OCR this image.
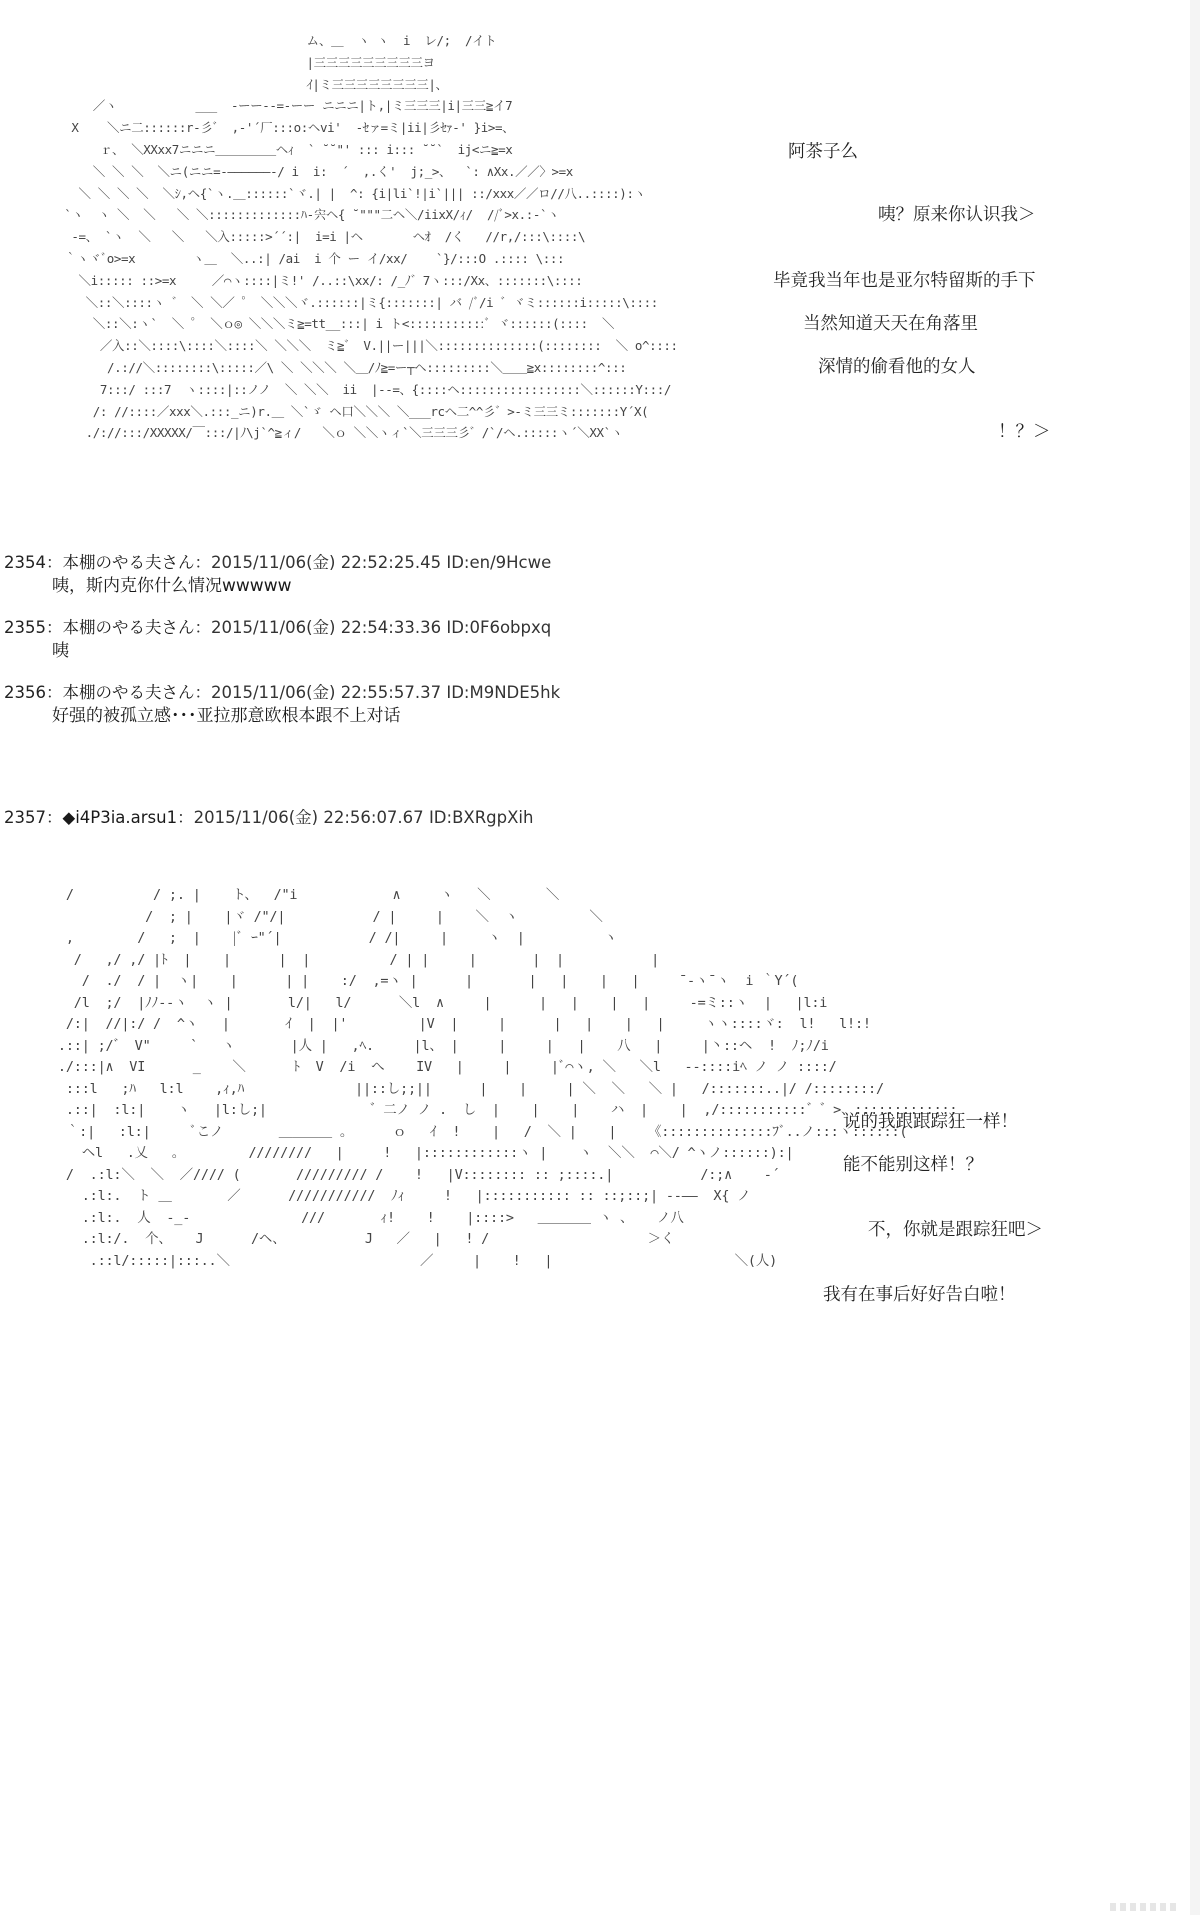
ム、＿  ヽ ヽ  i  レ/;  /イト
|三三三三三三三三三ヨ
ｲ|ミ三三三三三三三三|、
／ヽ           ___  ‐ーー‐‐=‐ーー ニニニ|ト,|ミ三三三|i|三三≧イ7
X    ＼ニ二::::::r‐彡゛ ,‐'´厂:::o:ヘvi'  ‐ｾァ=ミ|ii|彡ｾｧ‐' }i>=、
ｒ、 ＼XXxx7ニニニ＿＿＿＿＿ヘｨ  ` ˘˘"' ::: i::: ˘˘`  ij<ニ≧=x
＼ ＼ ＼  ＼ニ(ニニ=‐――――――‐/ i  i:  ´  ,.く'  j;_>、  `: ∧Xx.／／〉>=x
＼ ＼ ＼ ＼  ＼ｼ,ヘ{`ヽ.＿::::::`ヾ.| |  ^: {i|li`!|i`||| ::/xxx／／ロ//八..::::):ヽ
`ヽ  ヽ ＼  ＼   ＼ ＼:::::::::::::ﾊ‐宍ヘ{ ˘"""二ヘ＼/iixX/ｨ/  //ﾞ>x.:‐`ヽ
‐=、 `ヽ  ＼   ＼   ＼入:::::>´´:|  i=i |ヘ       ヘｵ  /く   //r,/:::\::::\
｀ヽヾﾞo>=x        ヽ＿  ＼..:| /ai  i 个 ー イ/xx/    `}/:::O .:::: \:::
＼i::::: ::>=x     ／⌒ヽ::::|ミ!' /..::\xx/: /_ﾉ゛7ヽ:::/Xx、:::::::\::::
＼::＼::::ヽ ゛ ＼ ＼／ ゜ ＼＼＼ヾ.::::::|ミ{:::::::| バ /ﾞ/i ゛ヾミ::::::i:::::\::::
＼::＼:ヽ`  ＼ ゜ ＼ｏ◎ ＼＼＼ミ≧=tt__:::| i ト<:::::::::::ﾞ ヾ::::::(::::  ＼
／入::＼::::\::::＼::::＼ ＼＼＼  ミ≧゛ V.||ー|||＼::::::::::::::(::::::::  ＼ o^::::
/.://＼::::::::\:::::／\ ＼ ＼＼＼ ＼＿/ﾉ≧=ー┬ヘ:::::::::＼＿＿≧x::::::::^:::
7:::/ :::7  ヽ::::|::ノノ  ＼ ＼＼  ii  |‐‐=、{::::ヘ:::::::::::::::::＼::::::Y:::/
/: //::::／xxx＼.:::_ニ)r.＿ ＼`ゞ ヘ口＼＼＼ ＼___rcヘ二^^彡゛>‐ミ三三ミ:::::::Y´X(
./://:::/XXXXX/￣:::/|ﾉ\j`^≧ィ/   ＼ｏ ＼＼ヽィ`＼三三三彡゛/`/ヘ.:::::ヽ´＼XX`ヽ
阿茶子么
咦？原来你认识我＞
毕竟我当年也是亚尔特留斯的手下
当然知道天天在角落里
深情的偷看他的女人
！？＞
2354：本棚のやる夫さん：2015/11/06(金) 22:52:25.45 ID:en/9Hcwe
咦，斯内克你什么情况wwwww
2355：本棚のやる夫さん：2015/11/06(金) 22:54:33.36 ID:0F6obpxq
咦
2356：本棚のやる夫さん：2015/11/06(金) 22:55:57.37 ID:M9NDE5hk
好强的被孤立感･･･亚拉那意欧根本跟不上对话
2357：◆i4P3ia.arsu1：2015/11/06(金) 22:56:07.67 ID:BXRgpXih
/          / ;. |    ト、  /"i            ∧     ヽ   ＼       ＼
/  ; |    |ヾ /"/|           / |     |    ＼  ヽ         ＼
,        /   ;  |    |ﾞ ｰ"´|           / /|     |     ヽ  |          ヽ
/   ,/ ,/ |ﾄ  |    |      |  |          / | |     |       |  |           |
/  ./  / |  ヽ|    |      | |    :/  ,=ヽ |      |       |   |    |   |     ¯‐ヽ¯ヽ  i ｀Y´(
/l  ;/  |ﾉﾉ‐‐ヽ  ヽ |       l/|   l/      ＼l  ∧     |      |   |    |   |     ‐=ミ::ヽ  |   |l:i
/:|  //|:/ /  ^ヽ   |       ｲ  |  |'         |V  |     |      |   |    |   |     ヽヽ::::ヾ:  l!   l!:!
.::| ;/゛ V"     `   ヽ       |人 |   ,ﾍ.     |l、 |     |     |   |    八   |     |丶::ヘ  !  ﾉ;ﾉ/i
./:::|∧  VI      _    ＼      ﾄ  V  /i  へ    IV   |     |     |ﾞ⌒ヽ, ＼   ＼l   -‐::::iﾍ ノ ノ ::::/
:::l   ;ﾊ   l:l    ,ｨ,ﾊ              ||::し;;||      |    |     | ＼  ＼   ＼ |   /:::::::..|/ /::::::::/
.::|  :l:|    ヽ   |l:し;|             ゛二ノ ノ .  し  |    |    |    ハ  |    |  ,/:::::::::::゛゛>、:::::::::::::
｀:|   :l:|     ﾞこノ       ＿＿＿＿ 。     ｏ   ｲ  !    |   /  ＼ |    |    《::::::::::::::ﾌﾞ..ノ:::ヽ::::::(
ヘl   .乂   。        ////////   |     !   |::::::::::::ヽ |    ヽ  ＼＼  ⌒＼/ ^ヽノ::::::):|
/  .:l:＼  ＼  ／//// (       ///////// /    !   |V:::::::: :: ;::::.|           /:;∧    ‐´
.:l:.  ト ＿       ／      ///////////  ﾉｨ     !   |::::::::::: :: ::;::;| ‐‐――  X{ ノ
.:l:.  人  ‐_‐              ///       ｨ!    !    |::::>   ＿＿＿＿ ヽ 、   ノ八
.:l:/.  个、   J      /ヘ、          J   ／   |   ! /                    ＞く
.::l/:::::|:::..＼                        ／     |    !   |                       ＼(人)
说的我跟跟踪狂一样！
能不能别这样！？
不，你就是跟踪狂吧＞
我有在事后好好告白啦！
